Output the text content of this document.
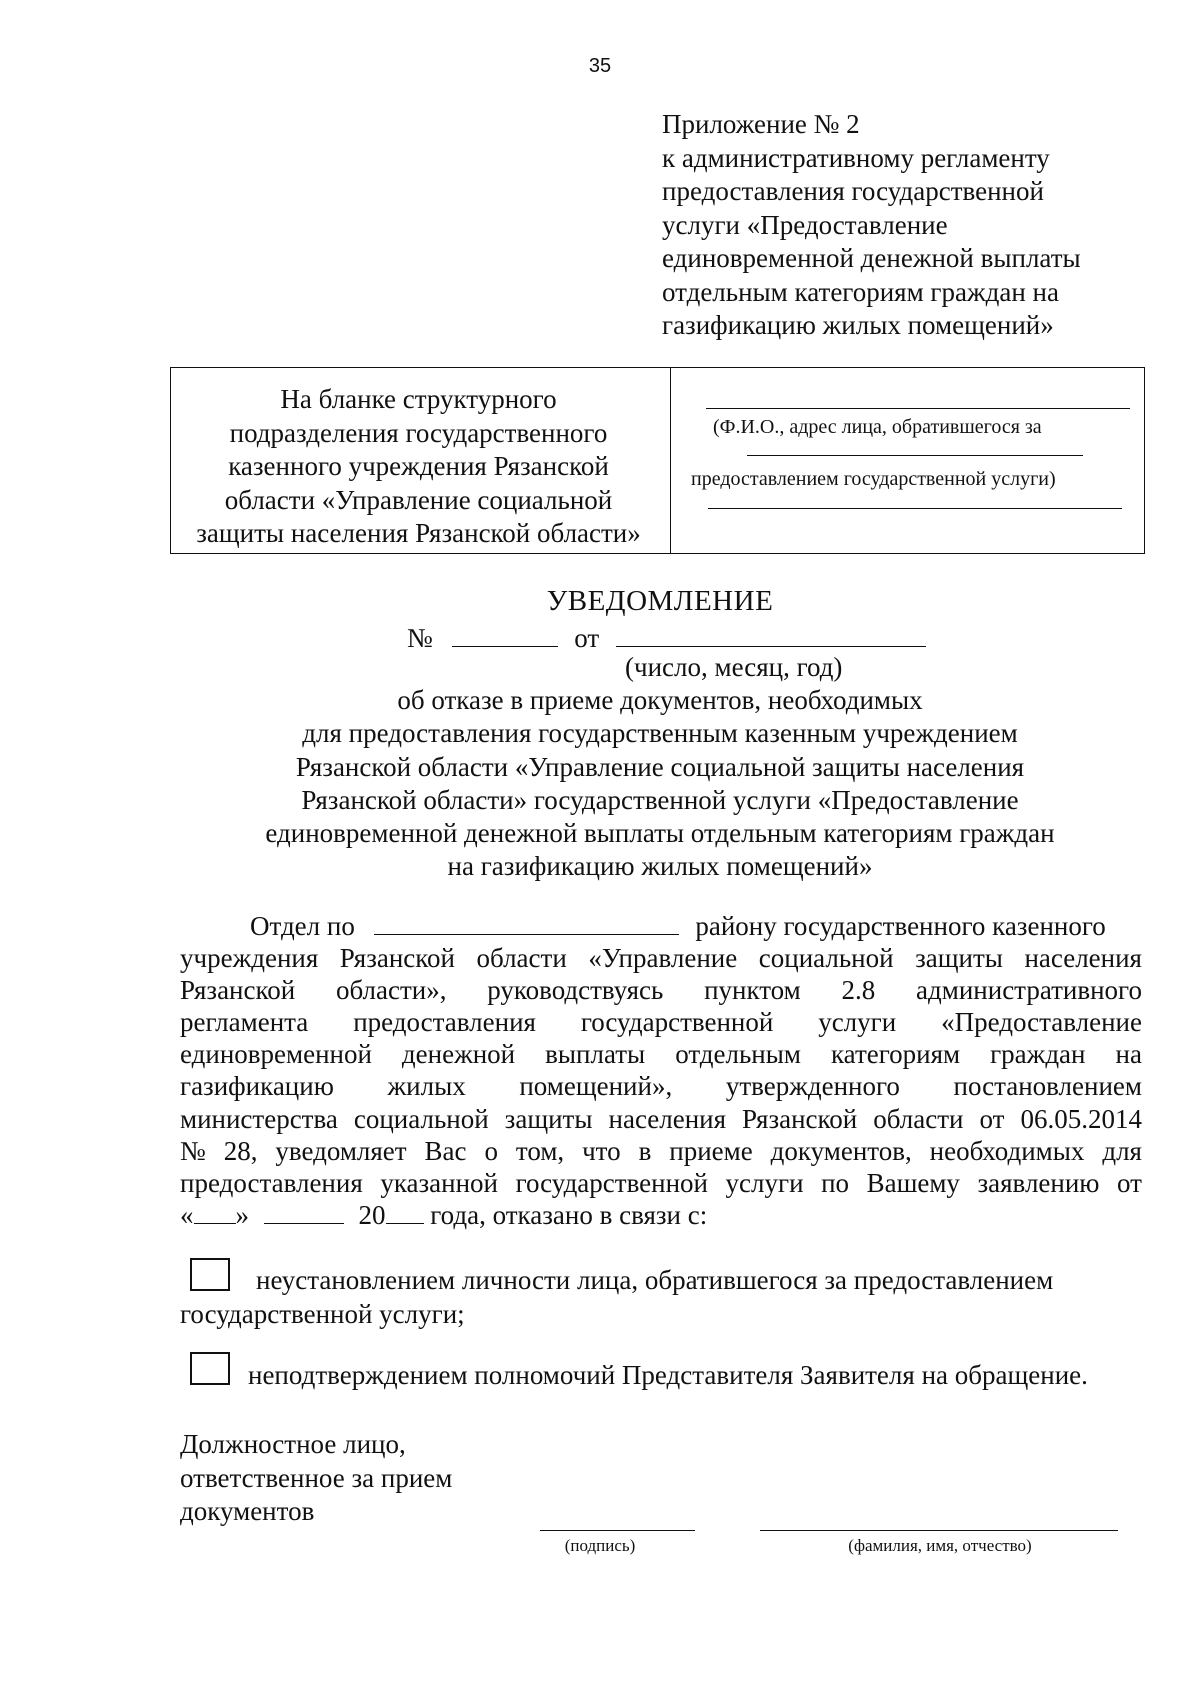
35
Приложение № 2
к административному регламенту
предоставления государственной
услуги «Предоставление
единовременной денежной выплаты
отдельным категориям граждан на
газификацию жилых помещений»
На бланке структурного
подразделения государственного
казенного учреждения Рязанской
области «Управление социальной
защиты населения Рязанской области»
(Ф.И.О., адрес лица, обратившегося за
предоставлением государственной услуги)
УВЕДОМЛЕНИЕ
№	от
(число, месяц, год)
об отказе в приеме документов, необходимых
для предоставления государственным казенным учреждением
Рязанской области «Управление социальной защиты населения
Рязанской области» государственной услуги «Предоставление
единовременной денежной выплаты отдельным категориям граждан
на газификацию жилых помещений»
Отдел по	району государственного казенного
учреждения Рязанской области «Управление социальной защиты населения
Рязанской области», руководствуясь пунктом 2.8 административного
регламента предоставления государственной услуги «Предоставление
единовременной денежной выплаты отдельным категориям граждан на
газификацию жилых помещений», утвержденного постановлением
министерства социальной защиты населения Рязанской области от 06.05.2014
№ 28, уведомляет Вас о том, что в приеме документов, необходимых для
предоставления указанной государственной услуги по Вашему заявлению от
« »	20 года, отказано в связи с:
неустановлением личности лица, обратившегося за предоставлением
государственной услуги;
неподтверждением полномочий Представителя Заявителя на обращение.
Должностное лицо,
ответственное за прием
документов
(подпись)	(фамилия, имя, отчество)
